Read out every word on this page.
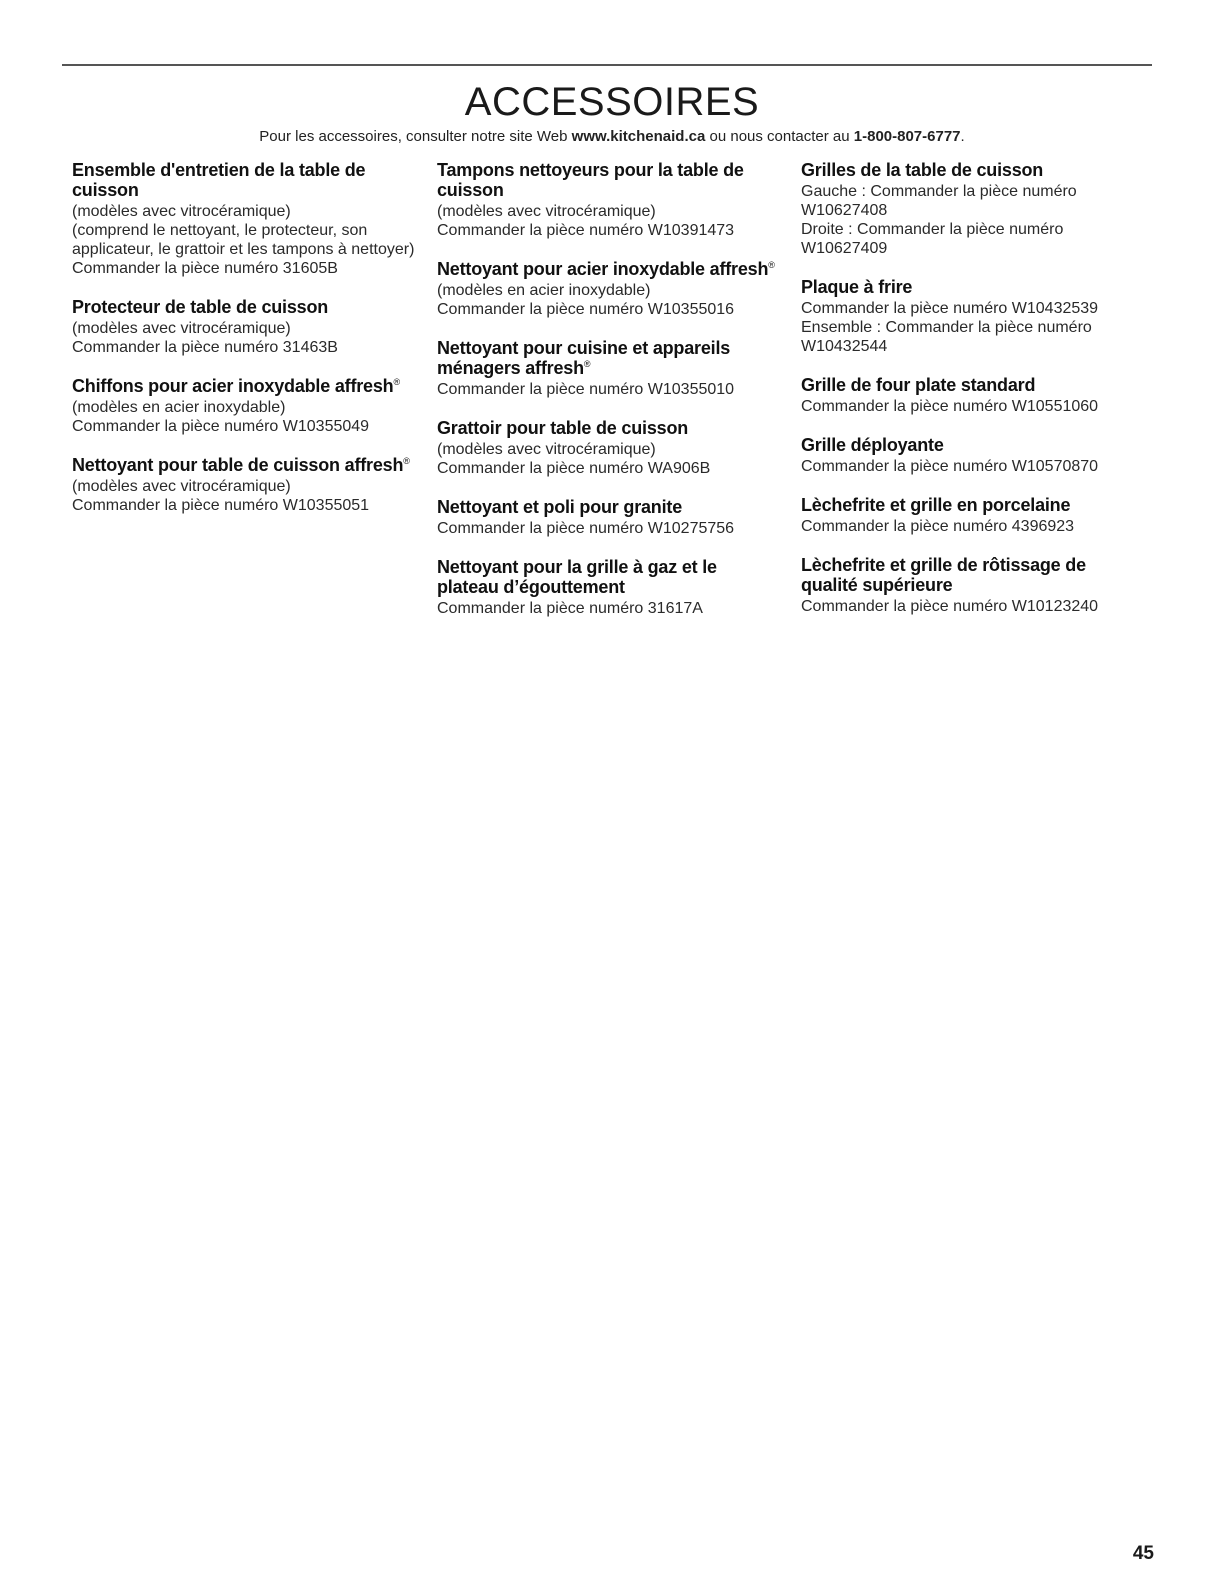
ACCESSOIRES
Pour les accessoires, consulter notre site Web www.kitchenaid.ca ou nous contacter au 1-800-807-6777.
Ensemble d'entretien de la table de cuisson

(modèles avec vitrocéramique)

(comprend le nettoyant, le protecteur, son applicateur, le grattoir et les tampons à nettoyer)

Commander la pièce numéro 31605B

Protecteur de table de cuisson

(modèles avec vitrocéramique)

Commander la pièce numéro 31463B

Chiffons pour acier inoxydable affresh®

(modèles en acier inoxydable)

Commander la pièce numéro W10355049

Nettoyant pour table de cuisson affresh®

(modèles avec vitrocéramique)

Commander la pièce numéro W10355051

Tampons nettoyeurs pour la table de cuisson

(modèles avec vitrocéramique)

Commander la pièce numéro W10391473

Nettoyant pour acier inoxydable affresh®

(modèles en acier inoxydable)

Commander la pièce numéro W10355016

Nettoyant pour cuisine et appareils ménagers affresh®

Commander la pièce numéro W10355010

Grattoir pour table de cuisson

(modèles avec vitrocéramique)

Commander la pièce numéro WA906B

Nettoyant et poli pour granite

Commander la pièce numéro W10275756

Nettoyant pour la grille à gaz et le plateau d’égouttement

Commander la pièce numéro 31617A

Grilles de la table de cuisson

Gauche : Commander la pièce numéro W10627408

Droite : Commander la pièce numéro W10627409

Plaque à frire

Commander la pièce numéro W10432539

Ensemble : Commander la pièce numéro W10432544

Grille de four plate standard

Commander la pièce numéro W10551060

Grille déployante

Commander la pièce numéro W10570870

Lèchefrite et grille en porcelaine

Commander la pièce numéro 4396923

Lèchefrite et grille de rôtissage de qualité supérieure

Commander la pièce numéro W10123240

45
